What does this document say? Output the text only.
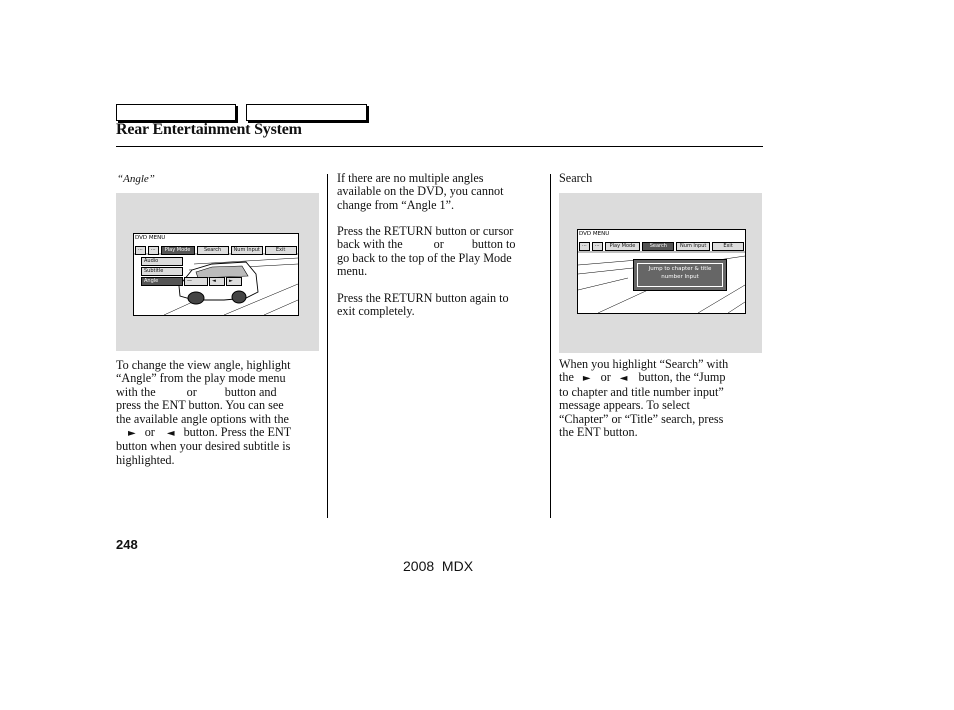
Rear Entertainment System
“Angle”
DVD MENU
···	···	Play Mode	Search	Num Input	Exit
Audio
Subtitle
Angle	—	◄	►
To change the view angle, highlight
“Angle” from the play mode menu
with the	or button and
press the ENT button. You can see
the available angle options with the
► or ◄ button. Press the ENT
button when your desired subtitle is
highlighted.
If there are no multiple angles
available on the DVD, you cannot
change from “Angle 1”.
Press the RETURN button or cursor
back with the	or button to
go back to the top of the Play Mode
menu.
Press the RETURN button again to
exit completely.
Search
DVD MENU
···	···	Play Mode	Search	Num Input	Exit
Jump to chapter & title
number Input
When you highlight “Search” with
the ► or ◄ button, the “Jump
to chapter and title number input”
message appears. To select
“Chapter” or “Title” search, press
the ENT button.
248
2008  MDX
